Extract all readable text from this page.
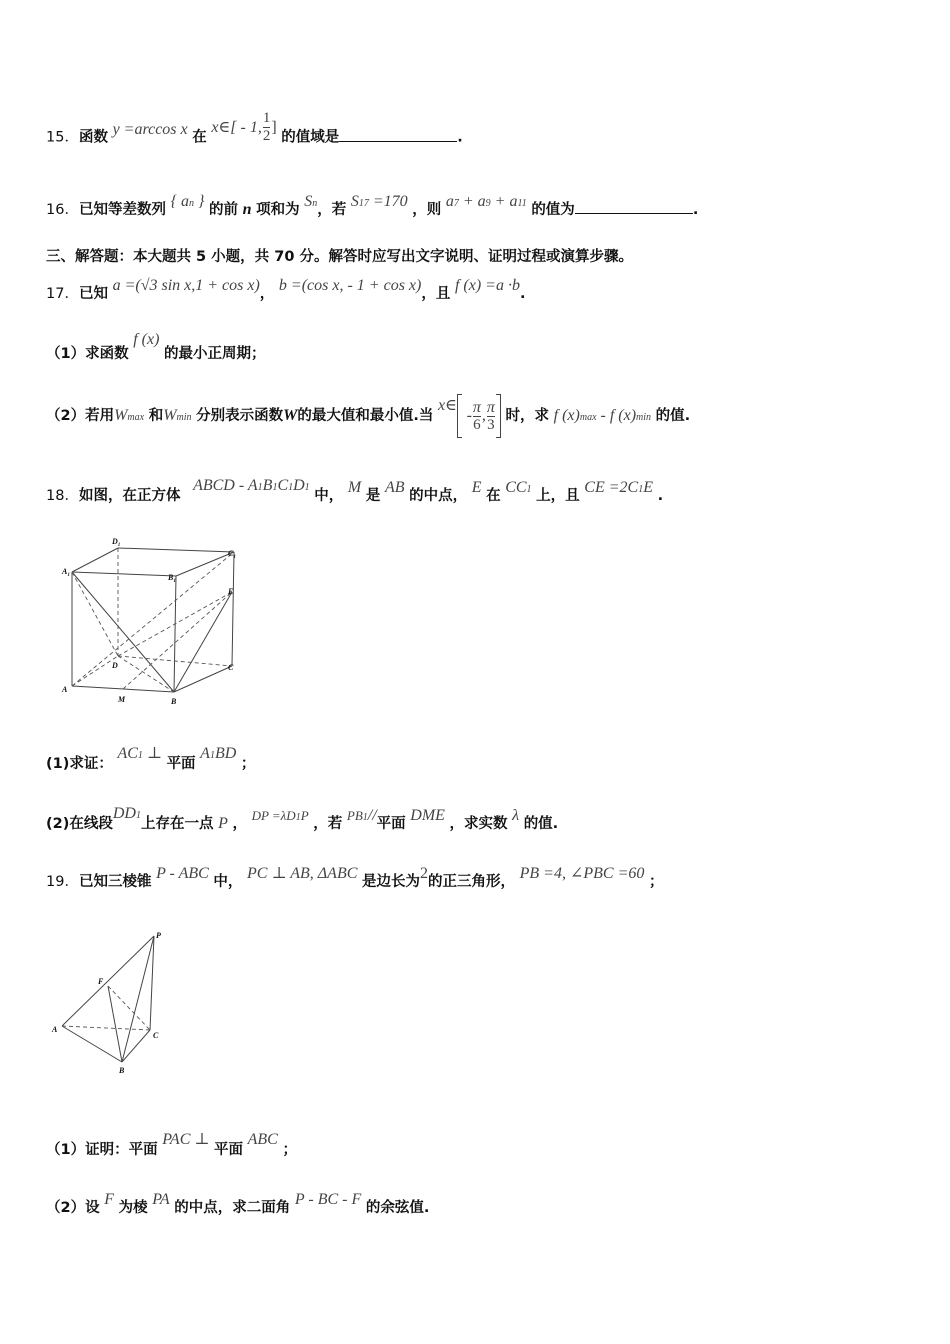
15．函数 y =arccos x 在 x∈[ - 1, $\frac{1}{2}$ ] 的值域是	.
16．已知等差数列 { an } 的前 n 项和为 Sn，若 S17 =170 ，则 a7 + a9 + a11 的值为	.
三、解答题：本大题共 5 小题，共 70 分。解答时应写出文字说明、证明过程或演算步骤。
17．已知 a =(√3 sin x,1 + cos x)， b =(cos x, - 1 + cos x)，且 f (x) =a ·b.
（1）求函数 f (x) 的最小正周期；
（2）若用Wmax 和Wmin 分别表示函数W的最大值和最小值.当 x∈ - $\frac{\pi}{6}$ , $\frac{\pi}{3}$ 时，求 f (x)max - f (x)min 的值.
18．如图，在正方体 ABCD - A1B1C1D1 中， M 是 AB 的中点， E 在 CC1 上，且 CE =2C1E .
$D_1$
$C_1$
$A_1$	$B_1$
E
D	C
A
B
M
(1)求证： AC1 ⊥ 平面 A1BD ；
(2)在线段DD1上存在一点 P ， DP =λD1P ，若 PB1//平面 DME ，求实数 λ 的值.
19．已知三棱锥 P - ABC 中， PC ⊥ AB, ΔABC 是边长为2的正三角形， PB =4, ∠PBC =60 ；
P
F
A
C
B
（1）证明：平面 PAC ⊥ 平面 ABC ；
（2）设 F 为棱 PA 的中点，求二面角 P - BC - F 的余弦值.
